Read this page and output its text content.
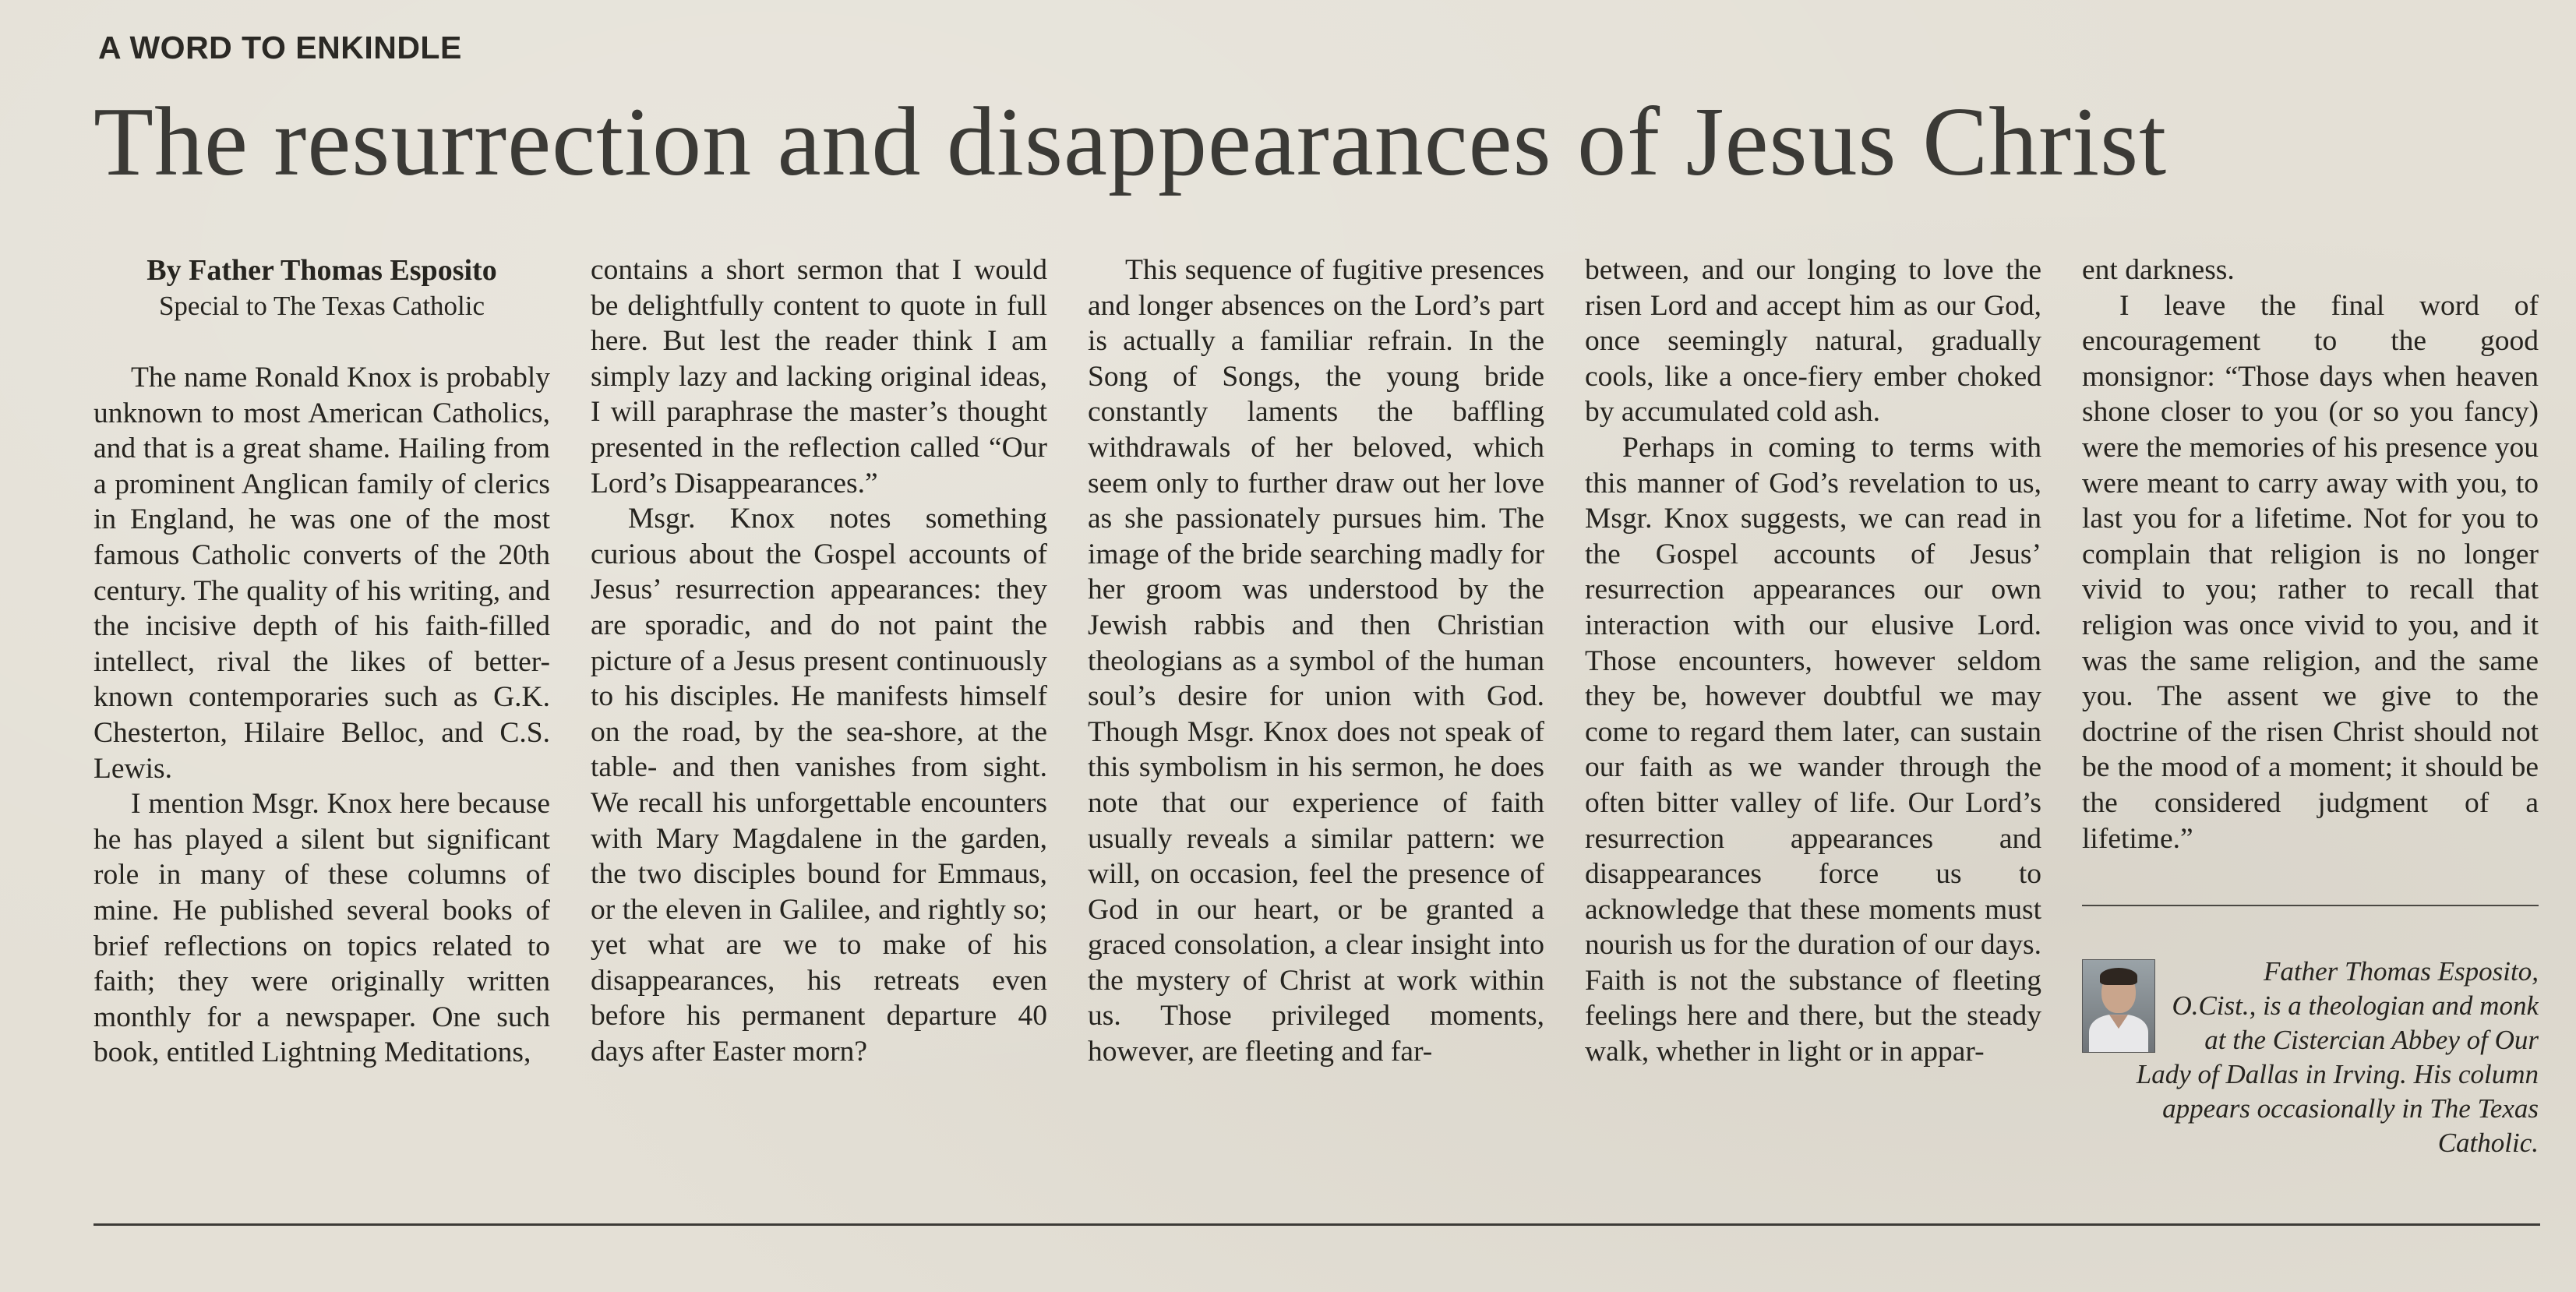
A WORD TO ENKINDLE
The resurrection and disappearances of Jesus Christ
By Father Thomas Esposito
Special to The Texas Catholic

The name Ronald Knox is probably unknown to most American Catholics, and that is a great shame. Hailing from a prominent Anglican family of clerics in England, he was one of the most famous Catholic converts of the 20th century. The quality of his writing, and the incisive depth of his faith-filled intellect, rival the likes of better-known contemporaries such as G.K. Chesterton, Hilaire Belloc, and C.S. Lewis.

I mention Msgr. Knox here because he has played a silent but significant role in many of these columns of mine. He published several books of brief reflections on topics related to faith; they were originally written monthly for a newspaper. One such book, entitled Lightning Meditations,

contains a short sermon that I would be delightfully content to quote in full here. But lest the reader think I am simply lazy and lacking original ideas, I will paraphrase the master’s thought presented in the reflection called “Our Lord’s Disappearances.”

Msgr. Knox notes something curious about the Gospel accounts of Jesus’ resurrection appearances: they are sporadic, and do not paint the picture of a Jesus present continuously to his disciples. He manifests himself on the road, by the sea-shore, at the table- and then vanishes from sight. We recall his unforgettable encounters with Mary Magdalene in the garden, the two disciples bound for Emmaus, or the eleven in Galilee, and rightly so; yet what are we to make of his disappearances, his retreats even before his permanent departure 40 days after Easter morn?

This sequence of fugitive presences and longer absences on the Lord’s part is actually a familiar refrain. In the Song of Songs, the young bride constantly laments the baffling withdrawals of her beloved, which seem only to further draw out her love as she passionately pursues him. The image of the bride searching madly for her groom was understood by the Jewish rabbis and then Christian theologians as a symbol of the human soul’s desire for union with God. Though Msgr. Knox does not speak of this symbolism in his sermon, he does note that our experience of faith usually reveals a similar pattern: we will, on occasion, feel the presence of God in our heart, or be granted a graced consolation, a clear insight into the mystery of Christ at work within us. Those privileged moments, however, are fleeting and far-

between, and our longing to love the risen Lord and accept him as our God, once seemingly natural, gradually cools, like a once-fiery ember choked by accumulated cold ash.

Perhaps in coming to terms with this manner of God’s revelation to us, Msgr. Knox suggests, we can read in the Gospel accounts of Jesus’ resurrection appearances our own interaction with our elusive Lord. Those encounters, however seldom they be, however doubtful we may come to regard them later, can sustain our faith as we wander through the often bitter valley of life. Our Lord’s resurrection appearances and disappearances force us to acknowledge that these moments must nourish us for the duration of our days. Faith is not the substance of fleeting feelings here and there, but the steady walk, whether in light or in appar-

ent darkness.

I leave the final word of encouragement to the good monsignor: “Those days when heaven shone closer to you (or so you fancy) were the memories of his presence you were meant to carry away with you, to last you for a lifetime. Not for you to complain that religion is no longer vivid to you; rather to recall that religion was once vivid to you, and it was the same religion, and the same you. The assent we give to the doctrine of the risen Christ should not be the mood of a moment; it should be the considered judgment of a lifetime.”

Father Thomas Esposito, O.Cist., is a theologian and monk at the Cistercian Abbey of Our Lady of Dallas in Irving. His column appears occasionally in The Texas Catholic.
